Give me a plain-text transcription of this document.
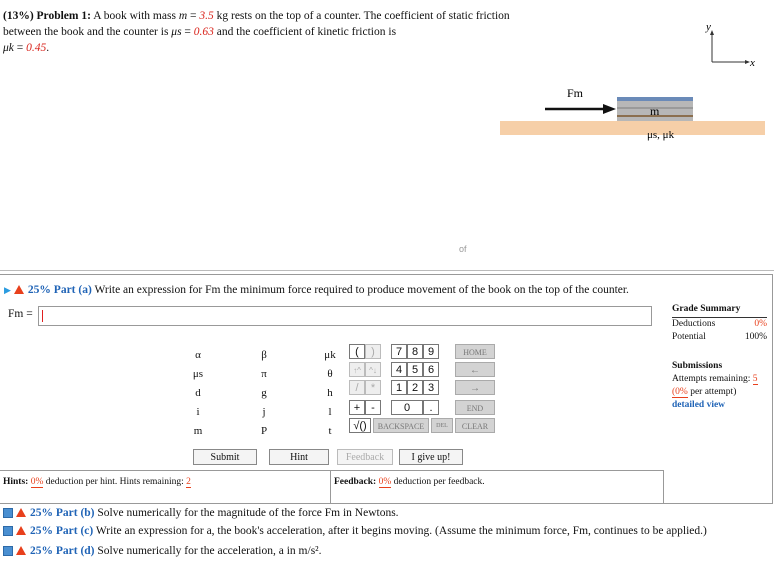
(13%) Problem 1: A book with mass m = 3.5 kg rests on the top of a counter. The coefficient of static friction between the book and the counter is μs = 0.63 and the coefficient of kinetic friction is
μk = 0.45.
y
x
m
Fm
μs, μk
of
▶ 25% Part (a) Write an expression for Fm the minimum force required to produce movement of the book on the top of the counter.
Fm =
α	β	μk
μs	π	θ
d	g	h
i	j	l
m	P	t
(	)	7 8 9	HOME
↑^	^↓	4 5 6	←
/	*	1 2 3	→
+ -	0	.	END
√()	BACKSPACE	DEL	CLEAR
Submit	Hint	Feedback	I give up!
Hints: 0% deduction per hint. Hints remaining: 2	Feedback: 0% deduction per feedback.
Grade Summary
Deductions	0%
Potential	100%
Submissions
Attempts remaining: 5
(0% per attempt)
detailed view
25% Part (b) Solve numerically for the magnitude of the force Fm in Newtons.
25% Part (c) Write an expression for a, the book's acceleration, after it begins moving. (Assume the minimum force, Fm, continues to be applied.)
25% Part (d) Solve numerically for the acceleration, a in m/s².
